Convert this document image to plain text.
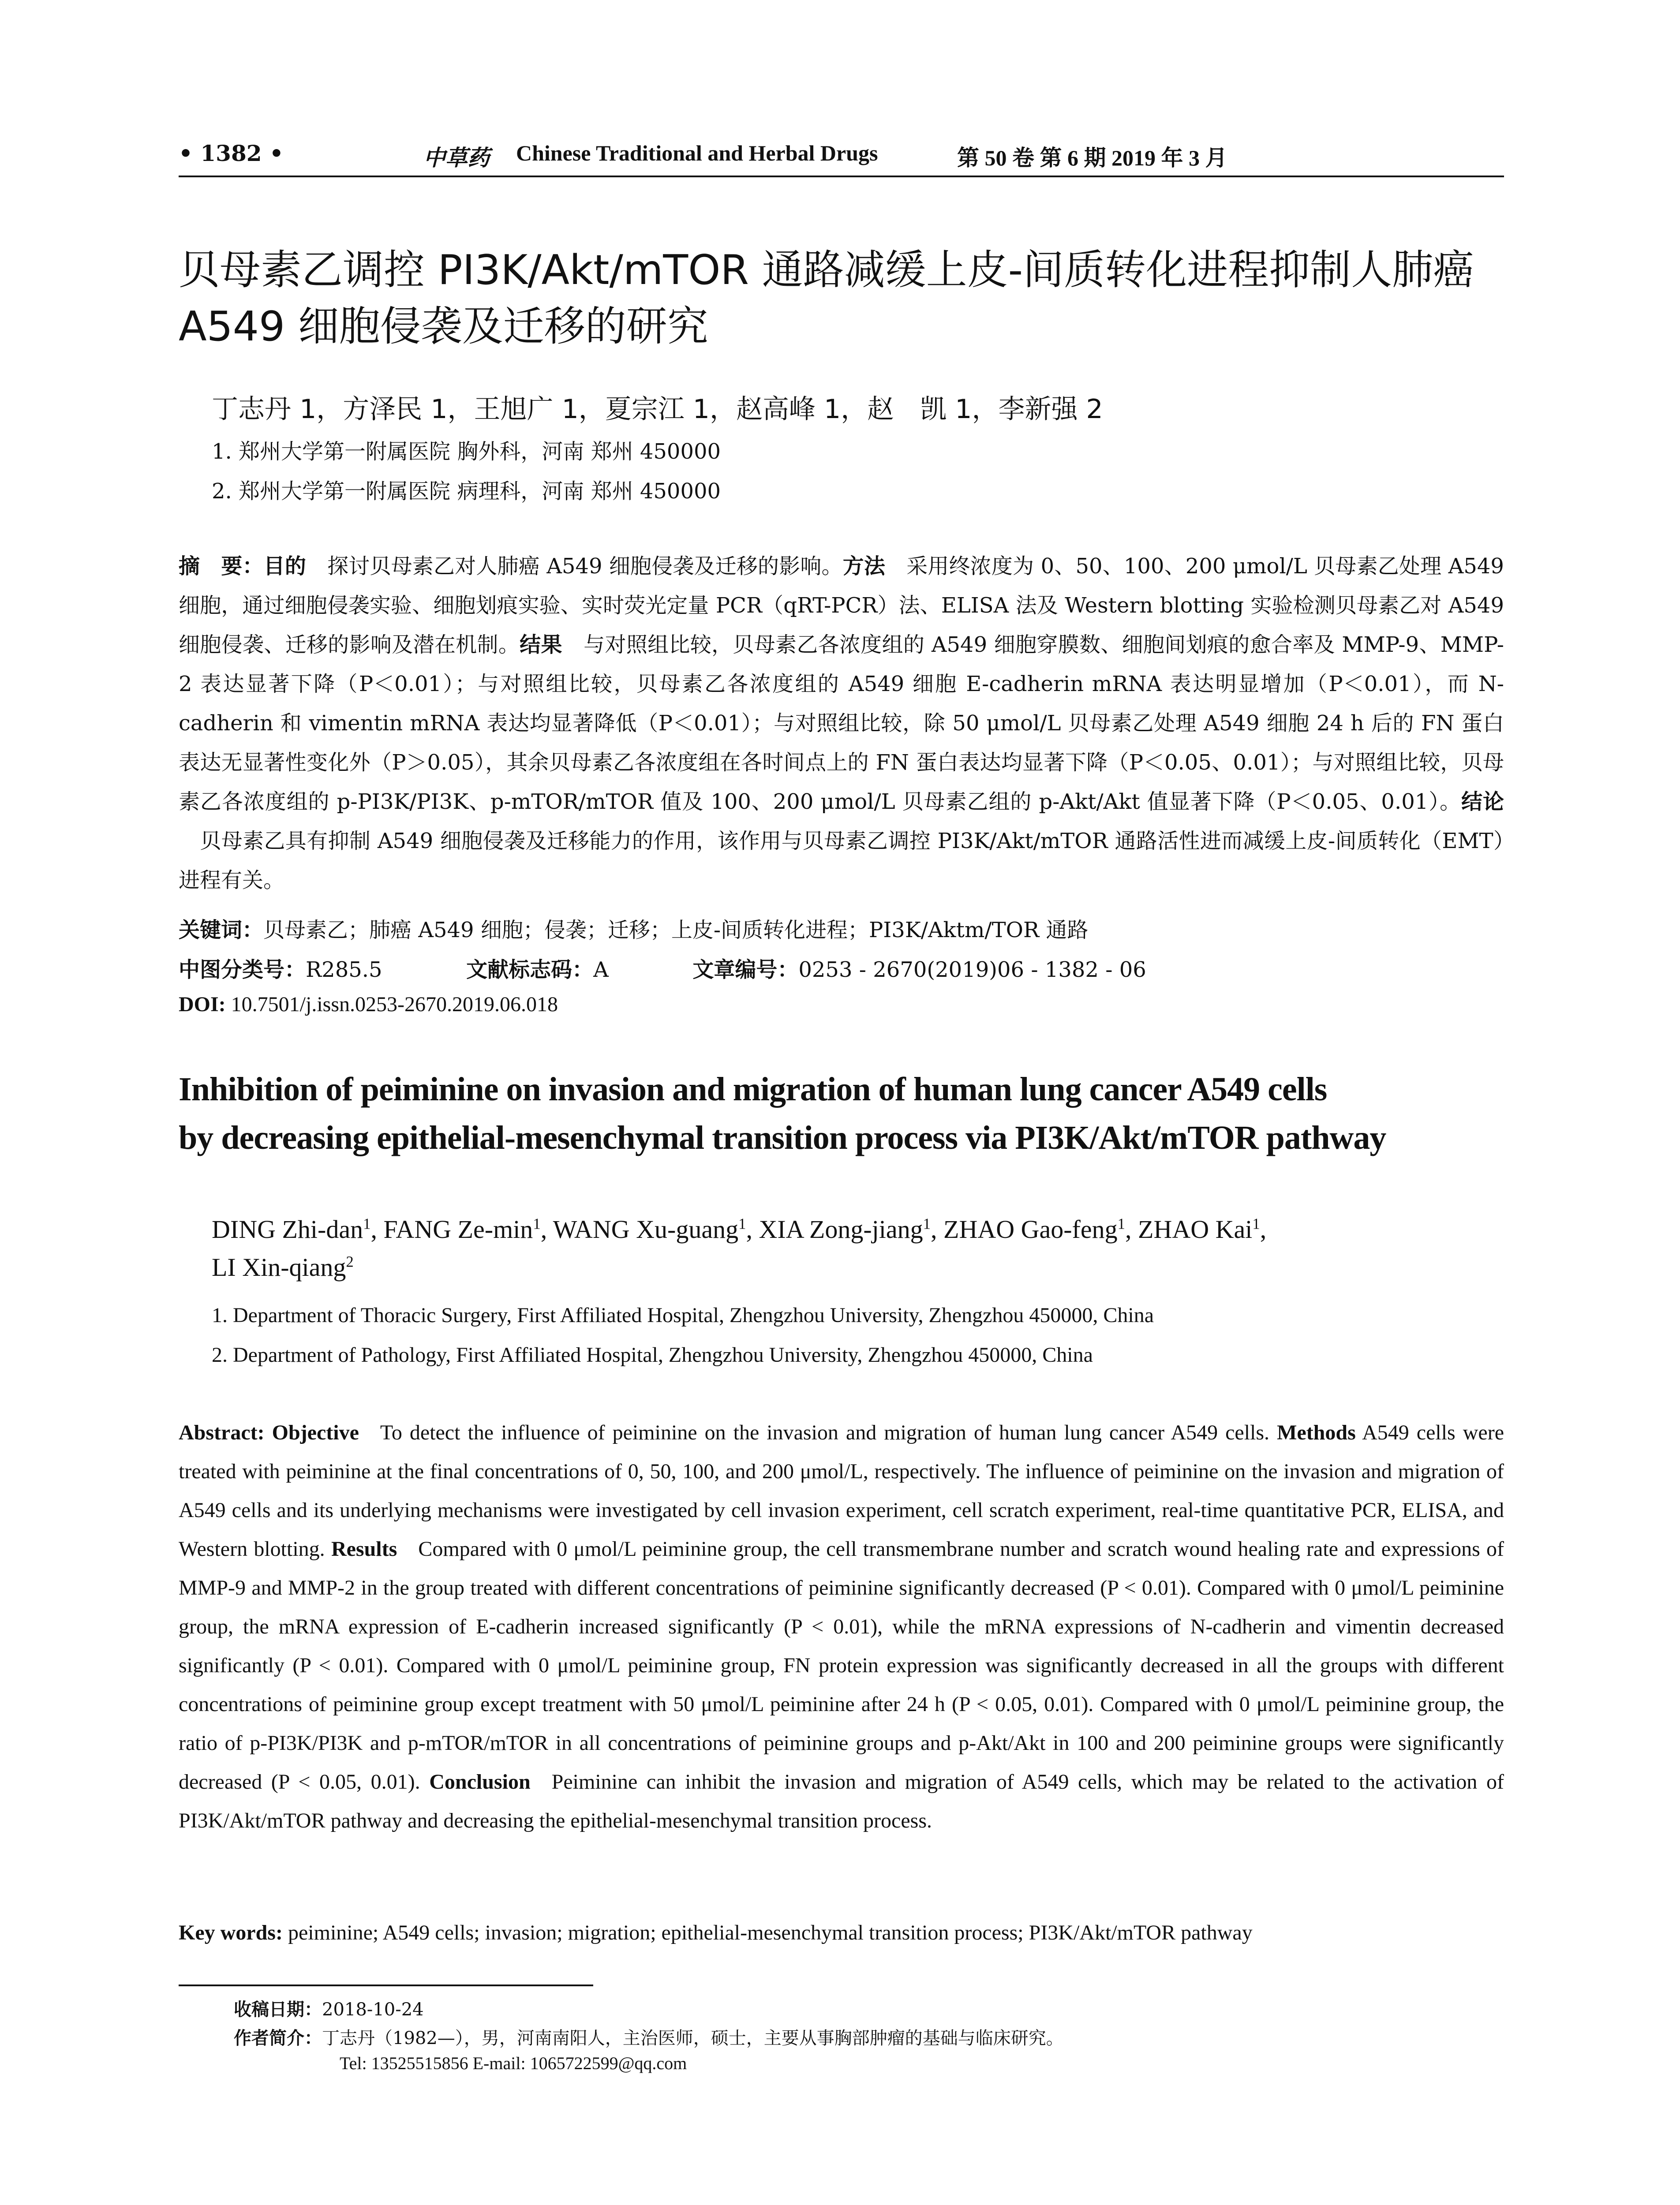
• 1382 •	中草药 Chinese Traditional and Herbal Drugs	第 50 卷 第 6 期 2019 年 3 月
贝母素乙调控 PI3K/Akt/mTOR 通路减缓上皮-间质转化进程抑制人肺癌
A549 细胞侵袭及迁移的研究
丁志丹 1，方泽民 1，王旭广 1，夏宗江 1，赵高峰 1，赵　凯 1，李新强 2
1. 郑州大学第一附属医院 胸外科，河南 郑州 450000
2. 郑州大学第一附属医院 病理科，河南 郑州 450000
摘　要：目的 探讨贝母素乙对人肺癌 A549 细胞侵袭及迁移的影响。方法 采用终浓度为 0、50、100、200 μmol/L 贝母素乙处理 A549 细胞，通过细胞侵袭实验、细胞划痕实验、实时荧光定量 PCR（qRT-PCR）法、ELISA 法及 Western blotting 实验检测贝母素乙对 A549 细胞侵袭、迁移的影响及潜在机制。结果 与对照组比较，贝母素乙各浓度组的 A549 细胞穿膜数、细胞间划痕的愈合率及 MMP-9、MMP-2 表达显著下降（P＜0.01）；与对照组比较，贝母素乙各浓度组的 A549 细胞 E-cadherin mRNA 表达明显增加（P＜0.01），而 N-cadherin 和 vimentin mRNA 表达均显著降低（P＜0.01）；与对照组比较，除 50 μmol/L 贝母素乙处理 A549 细胞 24 h 后的 FN 蛋白表达无显著性变化外（P＞0.05），其余贝母素乙各浓度组在各时间点上的 FN 蛋白表达均显著下降（P＜0.05、0.01）；与对照组比较，贝母素乙各浓度组的 p-PI3K/PI3K、p-mTOR/mTOR 值及 100、200 μmol/L 贝母素乙组的 p-Akt/Akt 值显著下降（P＜0.05、0.01）。结论贝母素乙具有抑制 A549 细胞侵袭及迁移能力的作用，该作用与贝母素乙调控 PI3K/Akt/mTOR 通路活性进而减缓上皮-间质转化（EMT）进程有关。
关键词：贝母素乙；肺癌 A549 细胞；侵袭；迁移；上皮-间质转化进程；PI3K/Aktm/TOR 通路
中图分类号：R285.5	文献标志码：A	文章编号：0253 - 2670(2019)06 - 1382 - 06
DOI: 10.7501/j.issn.0253-2670.2019.06.018
Inhibition of peiminine on invasion and migration of human lung cancer A549 cells
by decreasing epithelial-mesenchymal transition process via PI3K/Akt/mTOR pathway
DING Zhi-dan$^1$, FANG $Ze-\min^1$, WANG Xu-guang$^1$, XIA Zong-jiang$^1$, ZHAO Gao-feng$^1$, ZHAO Kai$^1$,
LI Xin-qiang$^2$
1. Department of Thoracic Surgery, First Affiliated Hospital, Zhengzhou University, Zhengzhou 450000, China
2. Department of Pathology, First Affiliated Hospital, Zhengzhou University, Zhengzhou 450000, China
Abstract: Objective To detect the influence of peiminine on the invasion and migration of human lung cancer A549 cells. Methods A549 cells were treated with peiminine at the final concentrations of 0, 50, 100, and 200 μmol/L, respectively. The influence of peiminine on the invasion and migration of A549 cells and its underlying mechanisms were investigated by cell invasion experiment, cell scratch experiment, real-time quantitative PCR, ELISA, and Western blotting. Results Compared with 0 μmol/L peiminine group, the cell transmembrane number and scratch wound healing rate and expressions of MMP-9 and MMP-2 in the group treated with different concentrations of peiminine significantly decreased (P < 0.01). Compared with 0 μmol/L peiminine group, the mRNA expression of E-cadherin increased significantly (P < 0.01), while the mRNA expressions of N-cadherin and vimentin decreased significantly (P < 0.01). Compared with 0 μmol/L peiminine group, FN protein expression was significantly decreased in all the groups with different concentrations of peiminine group except treatment with 50 μmol/L peiminine after 24 h (P < 0.05, 0.01). Compared with 0 μmol/L peiminine group, the ratio of p-PI3K/PI3K and p-mTOR/mTOR in all concentrations of peiminine groups and p-Akt/Akt in 100 and 200 peiminine groups were significantly decreased (P < 0.05, 0.01). Conclusion Peiminine can inhibit the invasion and migration of A549 cells, which may be related to the activation of PI3K/Akt/mTOR pathway and decreasing the epithelial-mesenchymal transition process.
Key words: peiminine; A549 cells; invasion; migration; epithelial-mesenchymal transition process; PI3K/Akt/mTOR pathway
收稿日期：2018-10-24
作者简介：丁志丹（1982—），男，河南南阳人，主治医师，硕士，主要从事胸部肿瘤的基础与临床研究。
Tel: 13525515856 E-mail: 1065722599@qq.com
